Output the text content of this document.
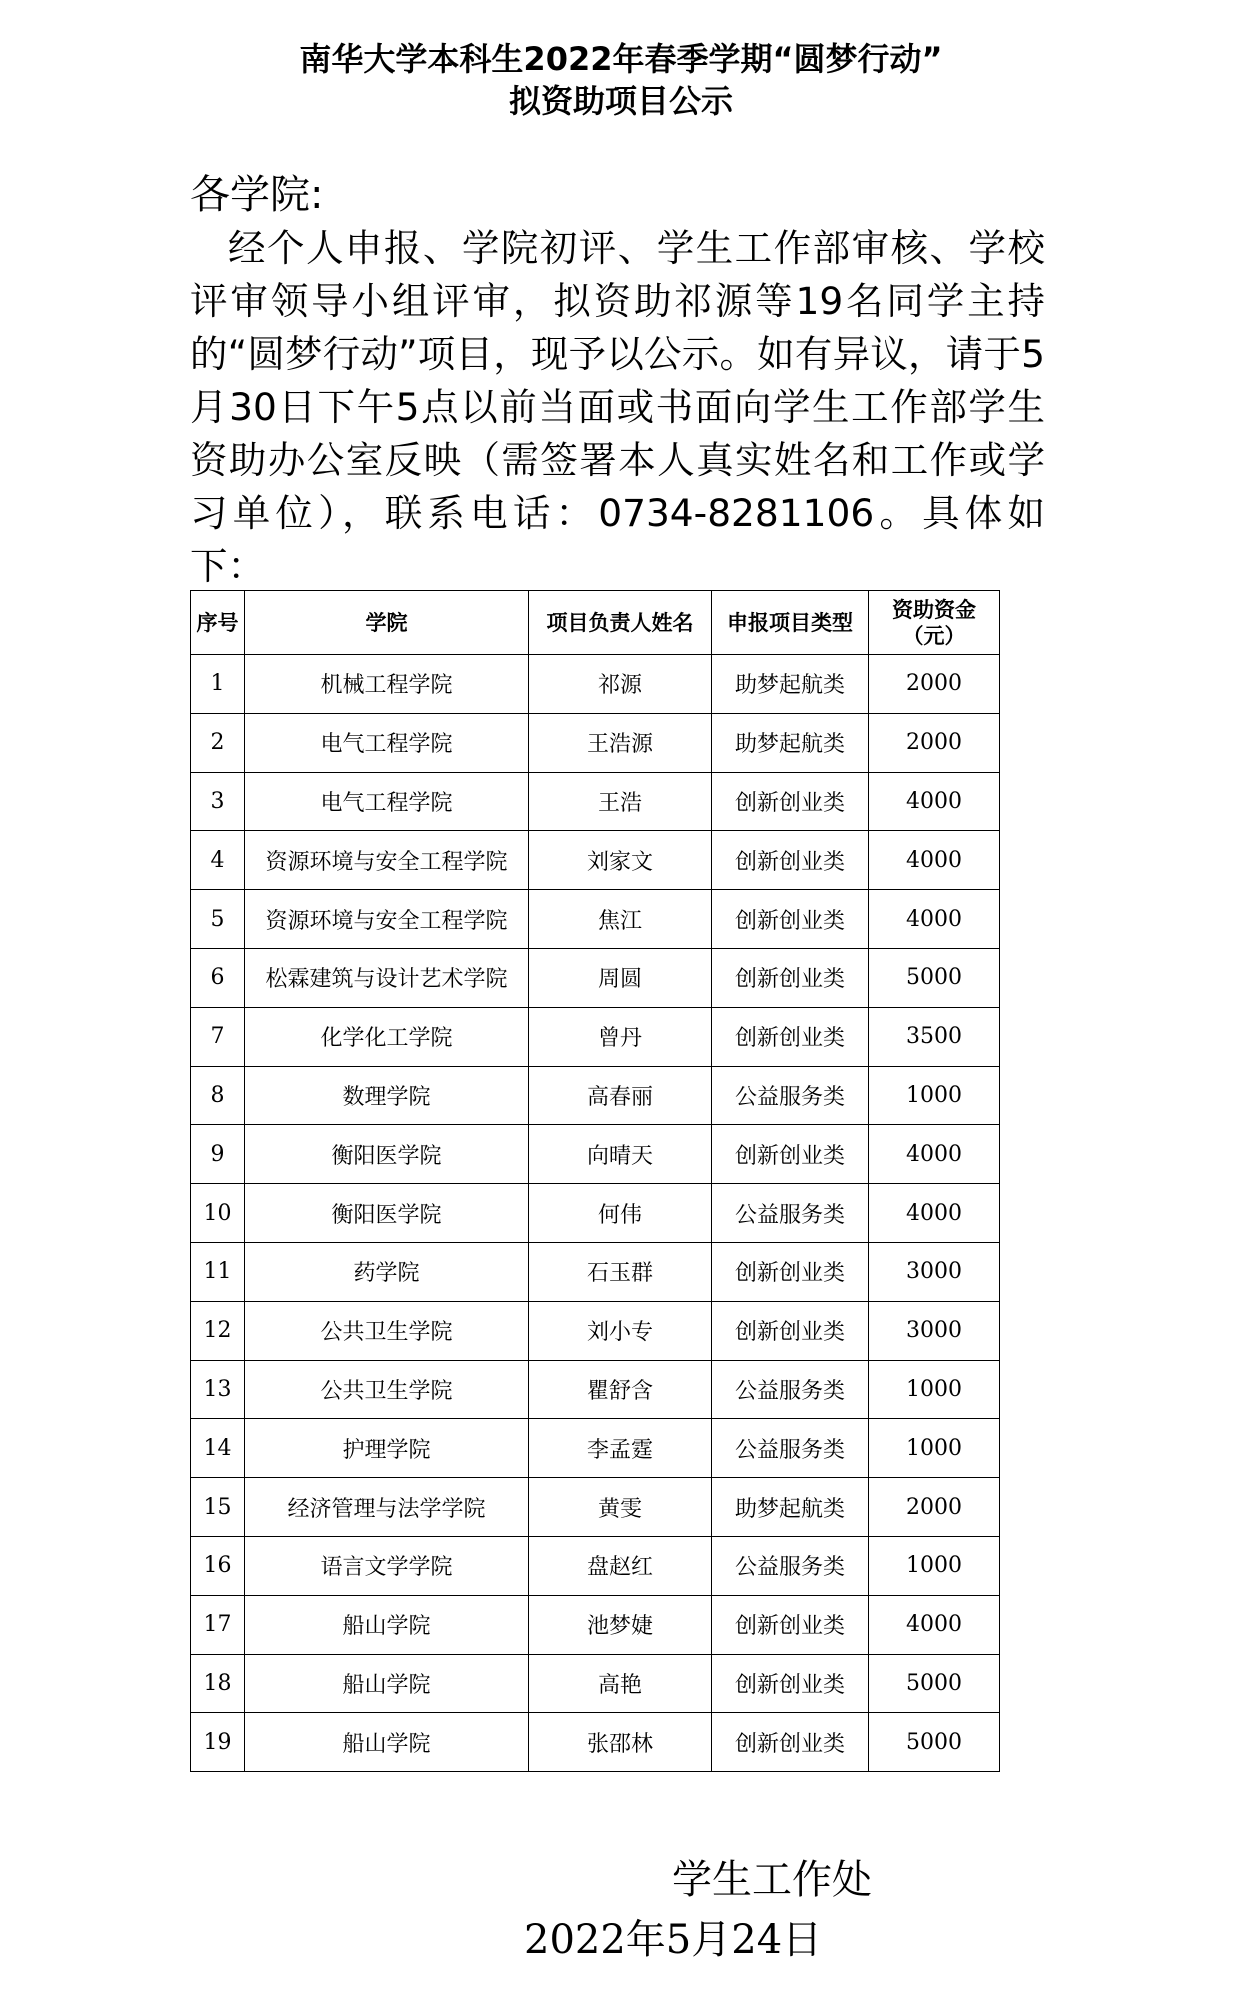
南华大学本科生2022年春季学期“圆梦行动”
拟资助项目公示
各学院:
经个人申报、学院初评、学生工作部审核、学校评审领导小组评审，拟资助祁源等19名同学主持的“圆梦行动”项目，现予以公示。如有异议，请于5月30日下午5点以前当面或书面向学生工作部学生资助办公室反映（需签署本人真实姓名和工作或学习单位），联系电话：0734-8281106。具体如下：
序号	学院	项目负责人姓名	申报项目类型	资助资金（元）
1	机械工程学院	祁源	助梦起航类	2000
2	电气工程学院	王浩源	助梦起航类	2000
3	电气工程学院	王浩	创新创业类	4000
4	资源环境与安全工程学院	刘家文	创新创业类	4000
5	资源环境与安全工程学院	焦江	创新创业类	4000
6	松霖建筑与设计艺术学院	周圆	创新创业类	5000
7	化学化工学院	曾丹	创新创业类	3500
8	数理学院	高春丽	公益服务类	1000
9	衡阳医学院	向晴天	创新创业类	4000
10	衡阳医学院	何伟	公益服务类	4000
11	药学院	石玉群	创新创业类	3000
12	公共卫生学院	刘小专	创新创业类	3000
13	公共卫生学院	瞿舒含	公益服务类	1000
14	护理学院	李孟霆	公益服务类	1000
15	经济管理与法学学院	黄雯	助梦起航类	2000
16	语言文学学院	盘赵红	公益服务类	1000
17	船山学院	池梦婕	创新创业类	4000
18	船山学院	高艳	创新创业类	5000
19	船山学院	张邵林	创新创业类	5000
学生工作处
2022年5月24日
